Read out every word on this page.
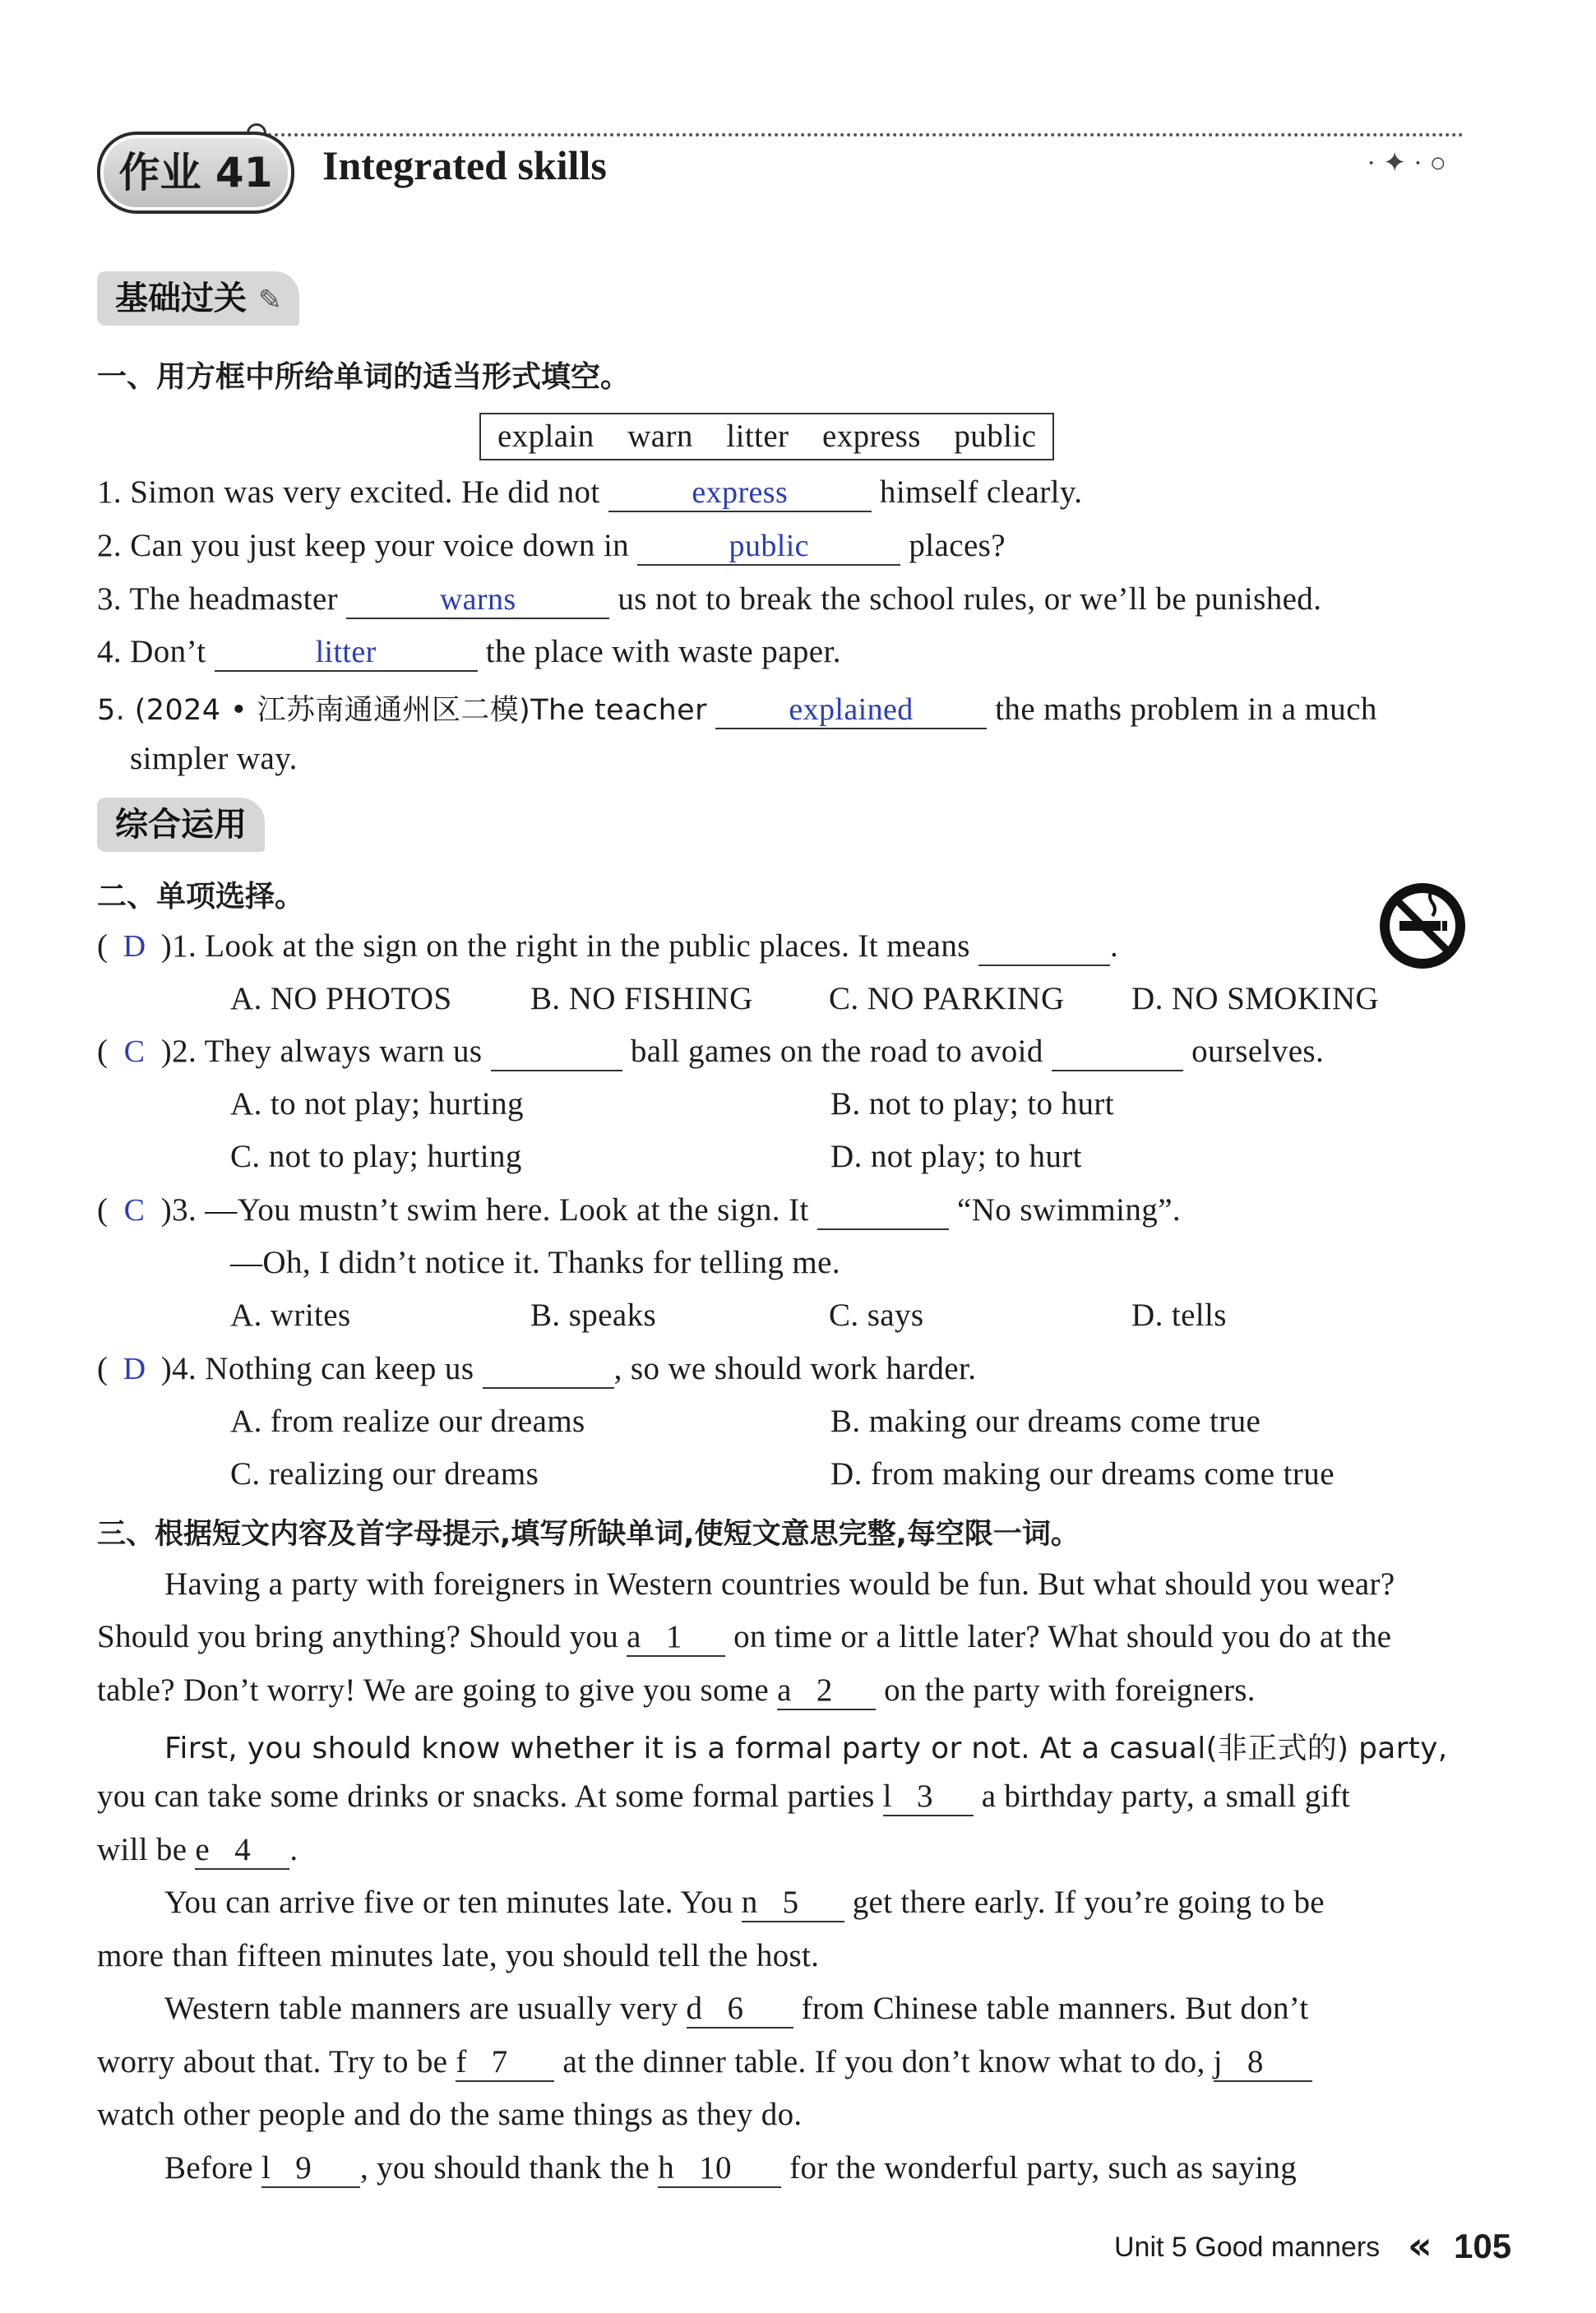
· ✦ · ○
作业 41	Integrated skills
基础过关 ✎
一、用方框中所给单词的适当形式填空。
explain warn litter express public
1. Simon was very excited. He did not	express	himself clearly.
2. Can you just keep your voice down in	public	places?
3. The headmaster	warns	us not to break the school rules, or we’ll be punished.
4. Don’t	litter	the place with waste paper.
5. (2024 • 江苏南通通州区二模)The teacher	explained	the maths problem in a much
simpler way.
综合运用
二、单项选择。
( D )1. Look at the sign on the right in the public places. It means	.
A. NO PHOTOS B. NO FISHING C. NO PARKING D. NO SMOKING
( C )2. They always warn us	ball games on the road to avoid	ourselves.
A. to not play; hurting	B. not to play; to hurt
C. not to play; hurting	D. not play; to hurt
( C )3. —You mustn’t swim here. Look at the sign. It	“No swimming”.
—Oh, I didn’t notice it. Thanks for telling me.
A. writes	B. speaks	C. says	D. tells
( D )4. Nothing can keep us	, so we should work harder.
A. from realize our dreams	B. making our dreams come true
C. realizing our dreams	D. from making our dreams come true
三、根据短文内容及首字母提示,填写所缺单词,使短文意思完整,每空限一词。
Having a party with foreigners in Western countries would be fun. But what should you wear?
Should you bring anything? Should you a 1 on time or a little later? What should you do at the
table? Don’t worry! We are going to give you some a 2 on the party with foreigners.
First, you should know whether it is a formal party or not. At a casual(非正式的) party,
you can take some drinks or snacks. At some formal parties l 3 a birthday party, a small gift
will be e 4 .
You can arrive five or ten minutes late. You n 5 get there early. If you’re going to be
more than fifteen minutes late, you should tell the host.
Western table manners are usually very d 6 from Chinese table manners. But don’t
worry about that. Try to be f 7 at the dinner table. If you don’t know what to do, j 8
watch other people and do the same things as they do.
Before l 9 , you should thank the h 10 for the wonderful party, such as saying
Unit 5 Good manners « 105
